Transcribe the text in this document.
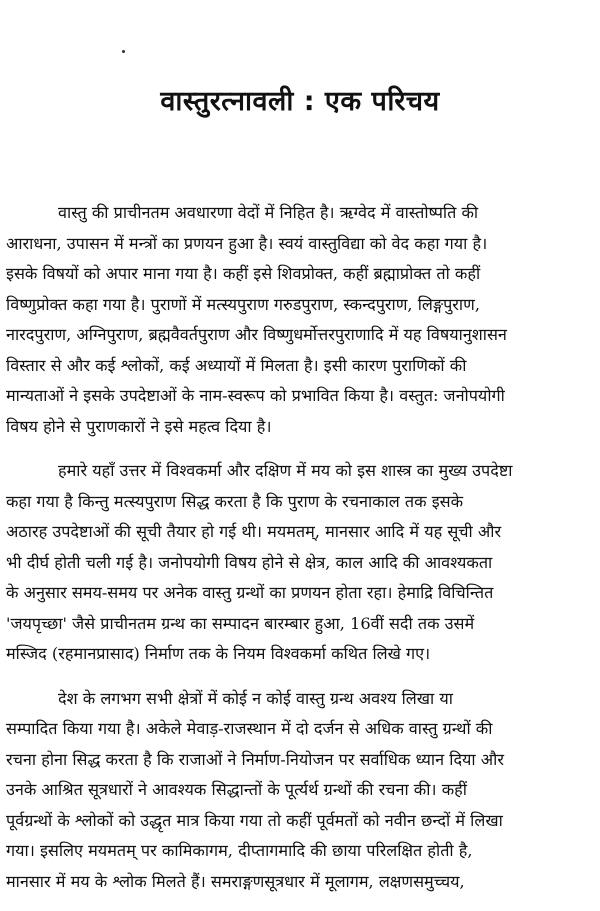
वास्तुरत्नावली : एक परिचय

वास्तु की प्राचीनतम अवधारणा वेदों में निहित है। ऋग्वेद में वास्तोष्पति की
आराधना, उपासन में मन्त्रों का प्रणयन हुआ है। स्वयं वास्तुविद्या को वेद कहा गया है।
इसके विषयों को अपार माना गया है। कहीं इसे शिवप्रोक्त, कहीं ब्रह्माप्रोक्त तो कहीं
विष्णुप्रोक्त कहा गया है। पुराणों में मत्स्यपुराण गरुडपुराण, स्कन्दपुराण, लिङ्गपुराण,
नारदपुराण, अग्निपुराण, ब्रह्मवैवर्तपुराण और विष्णुधर्मोत्तरपुराणादि में यह विषयानुशासन
विस्तार से और कई श्लोकों, कई अध्यायों में मिलता है। इसी कारण पुराणिकों की
मान्यताओं ने इसके उपदेष्टाओं के नाम-स्वरूप को प्रभावित किया है। वस्तुत: जनोपयोगी
विषय होने से पुराणकारों ने इसे महत्व दिया है।

हमारे यहाँ उत्तर में विश्वकर्मा और दक्षिण में मय को इस शास्त्र का मुख्य उपदेष्टा
कहा गया है किन्तु मत्स्यपुराण सिद्ध करता है कि पुराण के रचनाकाल तक इसके
अठारह उपदेष्टाओं की सूची तैयार हो गई थी। मयमतम्, मानसार आदि में यह सूची और
भी दीर्घ होती चली गई है। जनोपयोगी विषय होने से क्षेत्र, काल आदि की आवश्यकता
के अनुसार समय-समय पर अनेक वास्तु ग्रन्थों का प्रणयन होता रहा। हेमाद्रि विचिन्तित
'जयपृच्छा' जैसे प्राचीनतम ग्रन्थ का सम्पादन बारम्बार हुआ, 16वीं सदी तक उसमें
मस्जिद (रहमानप्रासाद) निर्माण तक के नियम विश्वकर्मा कथित लिखे गए।

देश के लगभग सभी क्षेत्रों में कोई न कोई वास्तु ग्रन्थ अवश्य लिखा या
सम्पादित किया गया है। अकेले मेवाड़-राजस्थान में दो दर्जन से अधिक वास्तु ग्रन्थों की
रचना होना सिद्ध करता है कि राजाओं ने निर्माण-नियोजन पर सर्वाधिक ध्यान दिया और
उनके आश्रित सूत्रधारों ने आवश्यक सिद्धान्तों के पूर्त्यर्थ ग्रन्थों की रचना की। कहीं
पूर्वग्रन्थों के श्लोकों को उद्धृत मात्र किया गया तो कहीं पूर्वमतों को नवीन छन्दों में लिखा
गया। इसलिए मयमतम् पर कामिकागम, दीप्तागमादि की छाया परिलक्षित होती है,
मानसार में मय के श्लोक मिलते हैं। समराङ्गणसूत्रधार में मूलागम, लक्षणसमुच्चय,
